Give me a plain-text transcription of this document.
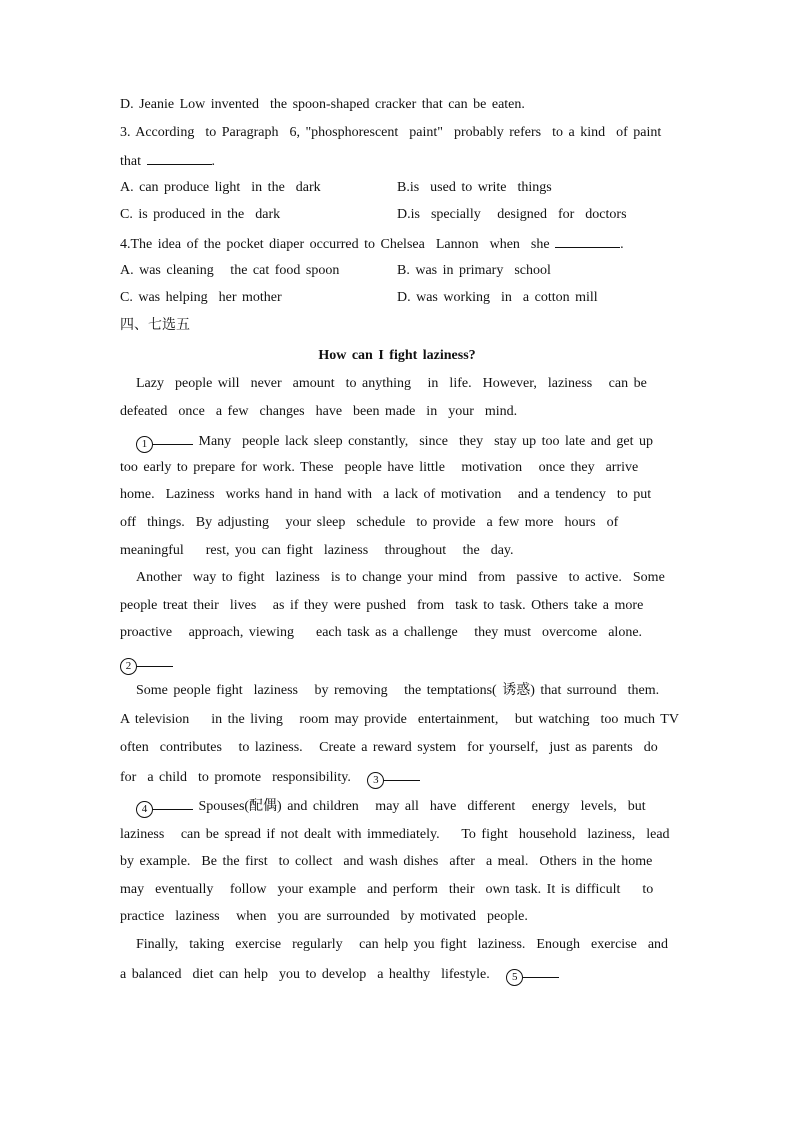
D. Jeanie Low invented  the spoon-shaped cracker that can be eaten.
3. According  to Paragraph  6, "phosphorescent  paint"  probably refers  to a kind  of paint
that	.
A. can produce light  in the  dark	B.is  used to write  things
C. is produced in the  dark	D.is  specially   designed  for  doctors
4.The idea of the pocket diaper occurred to Chelsea  Lannon  when  she	.
A. was cleaning   the cat food spoon	B. was in primary  school
C. was helping  her mother	D. was working  in  a cotton mill
四、七选五
How can I fight laziness?
Lazy  people will  never  amount  to anything   in  life.  However,  laziness   can be
defeated  once  a few  changes  have  been made  in  your  mind.
1	Many  people lack sleep constantly,  since  they  stay up too late and get up
too early to prepare for work. These  people have little   motivation   once they  arrive
home.  Laziness  works hand in hand with  a lack of motivation   and a tendency  to put
off  things.  By adjusting   your sleep  schedule  to provide  a few more  hours  of
meaningful    rest, you can fight  laziness   throughout   the  day.
Another  way to fight  laziness  is to change your mind  from  passive  to active.  Some
people treat their  lives   as if they were pushed  from  task to task. Others take a more
proactive   approach, viewing    each task as a challenge   they must  overcome  alone.
2
Some people fight  laziness   by removing   the temptations( 诱惑) that surround  them.
A television    in the living   room may provide  entertainment,   but watching  too much TV
often  contributes   to laziness.   Create a reward system  for yourself,  just as parents  do
for  a child  to promote  responsibility. 3
4	Spouses(配偶) and children   may all  have  different   energy  levels,  but
laziness   can be spread if not dealt with immediately.    To fight  household  laziness,  lead
by example.  Be the first  to collect  and wash dishes  after  a meal.  Others in the home
may  eventually   follow  your example  and perform  their  own task. It is difficult    to
practice  laziness   when  you are surrounded  by motivated  people.
Finally,  taking  exercise  regularly   can help you fight  laziness.  Enough  exercise  and
a balanced  diet can help  you to develop  a healthy  lifestyle. 5
